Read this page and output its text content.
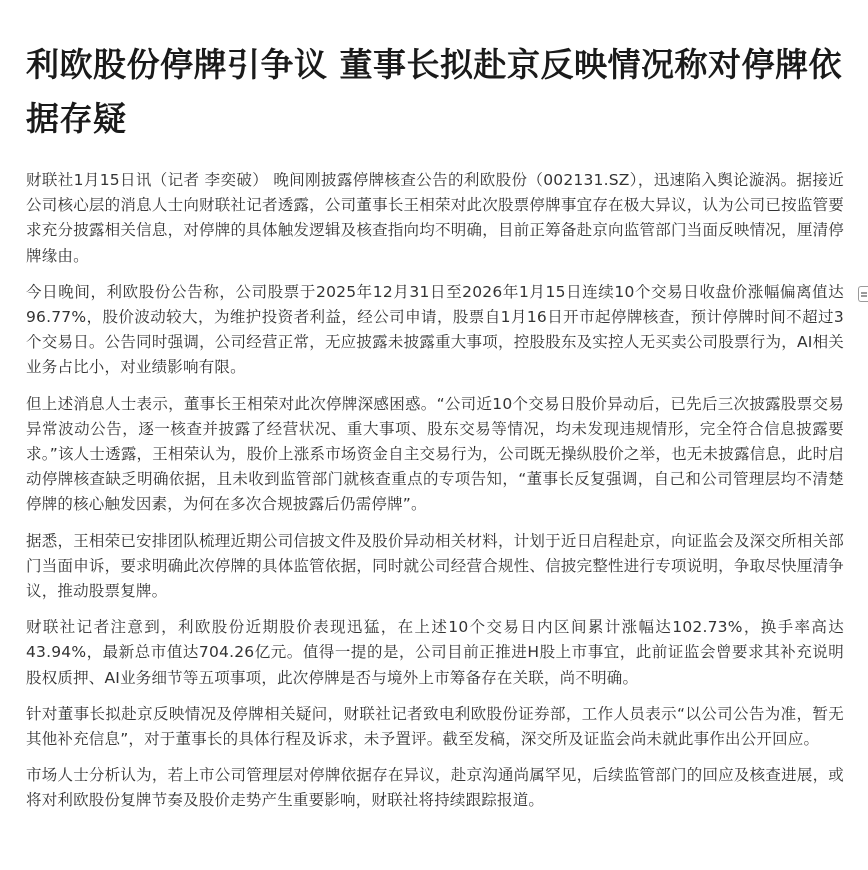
利欧股份停牌引争议 董事长拟赴京反映情况称对停牌依据存疑

财联社1月15日讯（记者 李奕破） 晚间刚披露停牌核查公告的利欧股份（002131.SZ），迅速陷入舆论漩涡。据接近公司核心层的消息人士向财联社记者透露，公司董事长王相荣对此次股票停牌事宜存在极大异议，认为公司已按监管要求充分披露相关信息，对停牌的具体触发逻辑及核查指向均不明确，目前正筹备赴京向监管部门当面反映情况，厘清停牌缘由。

今日晚间，利欧股份公告称，公司股票于2025年12月31日至2026年1月15日连续10个交易日收盘价涨幅偏离值达96.77%，股价波动较大，为维护投资者利益，经公司申请，股票自1月16日开市起停牌核查，预计停牌时间不超过3个交易日。公告同时强调，公司经营正常，无应披露未披露重大事项，控股股东及实控人无买卖公司股票行为，AI相关业务占比小，对业绩影响有限。

但上述消息人士表示，董事长王相荣对此次停牌深感困惑。“公司近10个交易日股价异动后，已先后三次披露股票交易异常波动公告，逐一核查并披露了经营状况、重大事项、股东交易等情况，均未发现违规情形，完全符合信息披露要求。”该人士透露，王相荣认为，股价上涨系市场资金自主交易行为，公司既无操纵股价之举，也无未披露信息，此时启动停牌核查缺乏明确依据，且未收到监管部门就核查重点的专项告知，“董事长反复强调，自己和公司管理层均不清楚停牌的核心触发因素，为何在多次合规披露后仍需停牌”。

据悉，王相荣已安排团队梳理近期公司信披文件及股价异动相关材料，计划于近日启程赴京，向证监会及深交所相关部门当面申诉，要求明确此次停牌的具体监管依据，同时就公司经营合规性、信披完整性进行专项说明，争取尽快厘清争议，推动股票复牌。

财联社记者注意到，利欧股份近期股价表现迅猛，在上述10个交易日内区间累计涨幅达102.73%，换手率高达43.94%，最新总市值达704.26亿元。值得一提的是，公司目前正推进H股上市事宜，此前证监会曾要求其补充说明股权质押、AI业务细节等五项事项，此次停牌是否与境外上市筹备存在关联，尚不明确。

针对董事长拟赴京反映情况及停牌相关疑问，财联社记者致电利欧股份证券部，工作人员表示“以公司公告为准，暂无其他补充信息”，对于董事长的具体行程及诉求，未予置评。截至发稿，深交所及证监会尚未就此事作出公开回应。

市场人士分析认为，若上市公司管理层对停牌依据存在异议，赴京沟通尚属罕见，后续监管部门的回应及核查进展，或将对利欧股份复牌节奏及股价走势产生重要影响，财联社将持续跟踪报道。
